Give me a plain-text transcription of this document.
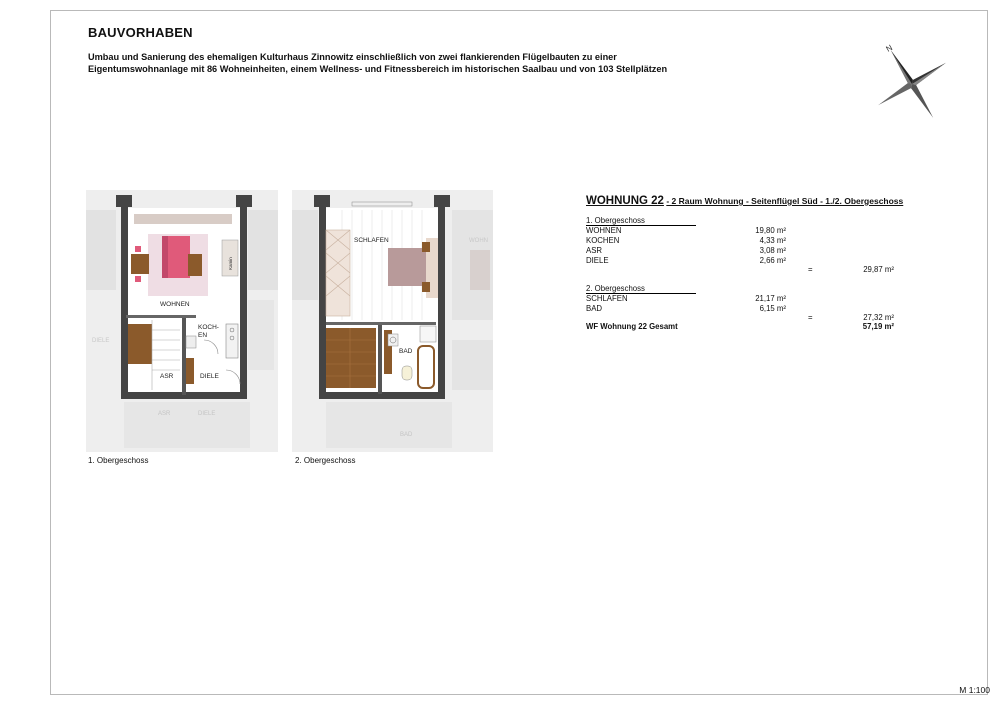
BAUVORHABEN
Umbau und Sanierung des ehemaligen Kulturhaus Zinnowitz einschließlich von zwei flankierenden Flügelbauten zu einer
Eigentumswohnanlage mit 86 Wohneinheiten, einem Wellness- und Fitnessbereich im historischen Saalbau und von 103 Stellplätzen
N
DIELE
ASR	DIELE
Kamin
WOHNEN
KOCH-
EN
ASR	DIELE
1. Obergeschoss
WOHN
BAD
SCHLAFEN
BAD
2. Obergeschoss
WOHNUNG 22 - 2 Raum Wohnung - Seitenflügel Süd - 1./2. Obergeschoss
1. Obergeschoss
WOHNEN	19,80 m²
KOCHEN	4,33 m²
ASR	3,08 m²
DIELE	2,66 m²
=	29,87 m²
2. Obergeschoss
SCHLAFEN	21,17 m²
BAD	6,15 m²
=	27,32 m²
WF Wohnung 22 Gesamt	57,19 m²
M 1:100
